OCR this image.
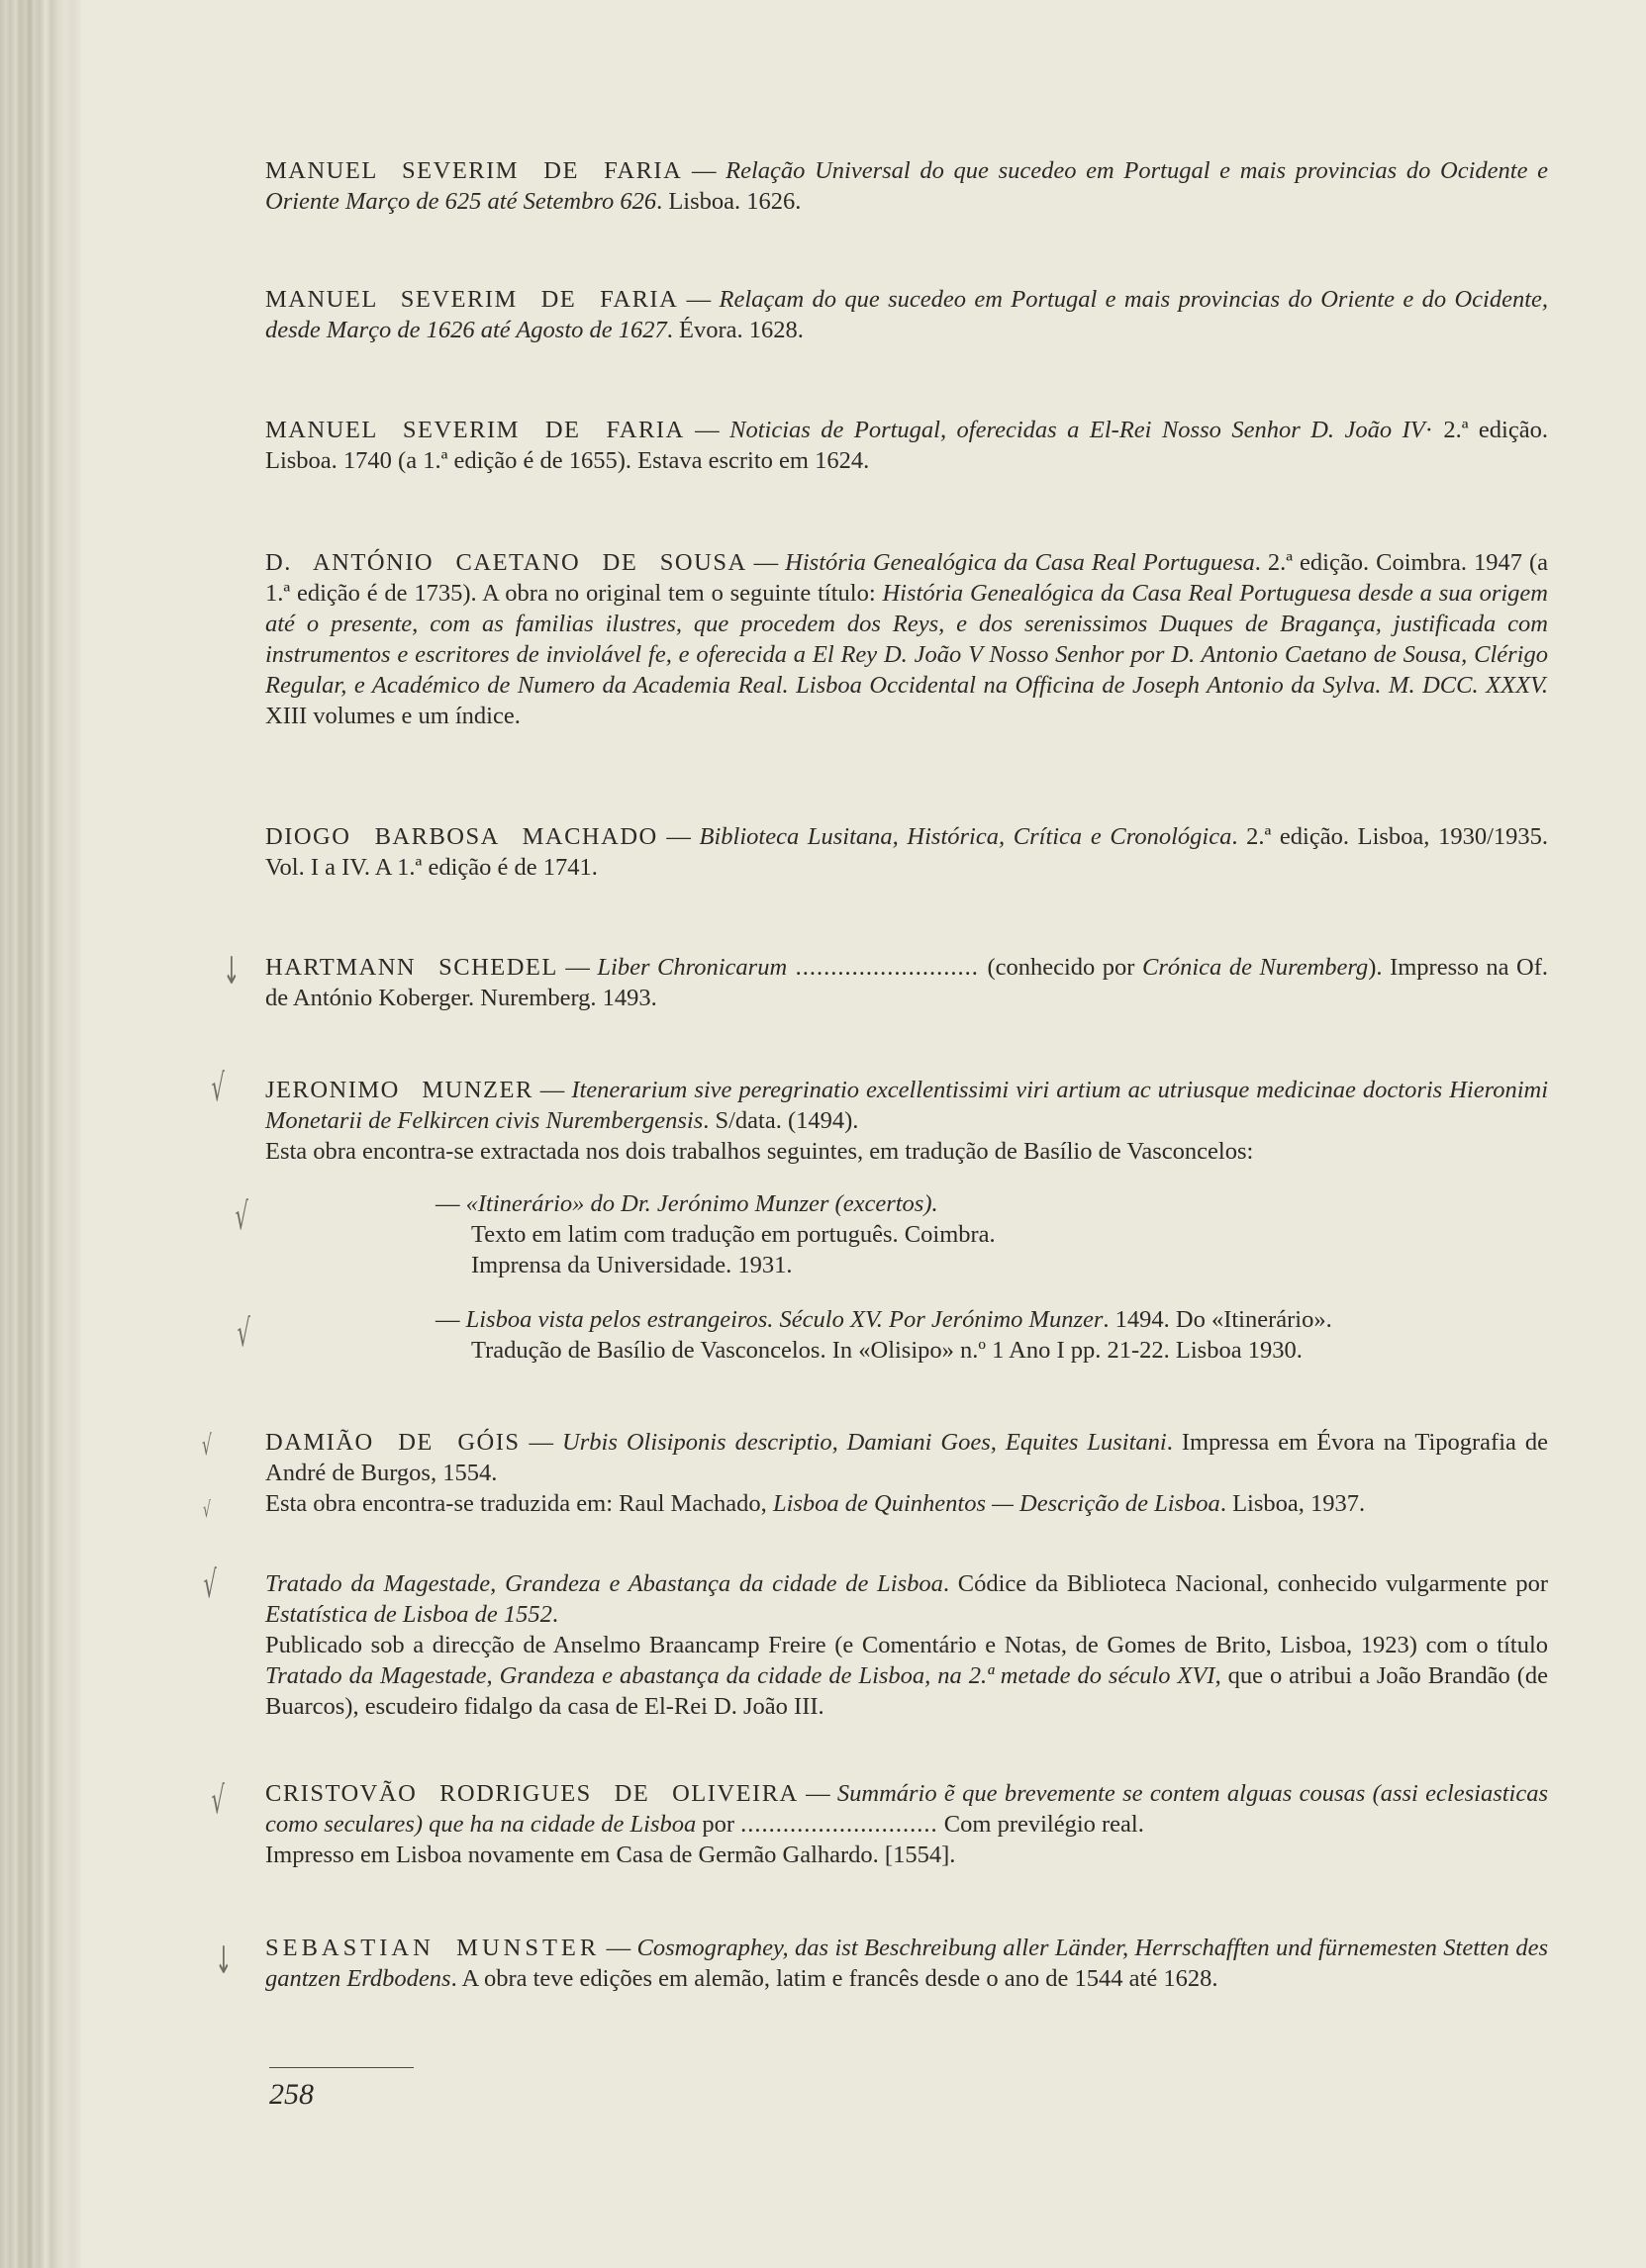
MANUEL SEVERIM DE FARIA — Relação Universal do que sucedeo em Portugal e mais provincias do Ocidente e Oriente Março de 625 até Setembro 626. Lisboa. 1626.

MANUEL SEVERIM DE FARIA — Relaçam do que sucedeo em Portugal e mais provincias do Oriente e do Ocidente, desde Março de 1626 até Agosto de 1627. Évora. 1628.

MANUEL SEVERIM DE FARIA — Noticias de Portugal, oferecidas a El-Rei Nosso Senhor D. João IV· 2.ª edição. Lisboa. 1740 (a 1.ª edição é de 1655). Estava escrito em 1624.

D. ANTÓNIO CAETANO DE SOUSA — História Genealógica da Casa Real Portuguesa. 2.ª edição. Coimbra. 1947 (a 1.ª edição é de 1735). A obra no original tem o seguinte título: História Genealógica da Casa Real Portuguesa desde a sua origem até o presente, com as familias ilustres, que procedem dos Reys, e dos serenissimos Duques de Bragança, justificada com instrumentos e escritores de inviolável fe, e oferecida a El Rey D. João V Nosso Senhor por D. Antonio Caetano de Sousa, Clérigo Regular, e Académico de Numero da Academia Real. Lisboa Occidental na Officina de Joseph Antonio da Sylva. M. DCC. XXXV. XIII volumes e um índice.

DIOGO BARBOSA MACHADO — Biblioteca Lusitana, Histórica, Crítica e Cronológica. 2.ª edição. Lisboa, 1930/1935. Vol. I a IV. A 1.ª edição é de 1741.

↓ HARTMANN SCHEDEL — Liber Chronicarum .......................... (conhecido por Crónica de Nuremberg). Impresso na Of. de António Koberger. Nuremberg. 1493.

√ JERONIMO MUNZER — Itenerarium sive peregrinatio excellentissimi viri artium ac utriusque medicinae doctoris Hieronimi Monetarii de Felkircen civis Nurembergensis. S/data. (1494).

Esta obra encontra-se extractada nos dois trabalhos seguintes, em tradução de Basílio de Vasconcelos:

√	— «Itinerário» do Dr. Jerónimo Munzer (excertos).

Texto em latim com tradução em português. Coimbra.

Imprensa da Universidade. 1931.

√	— Lisboa vista pelos estrangeiros. Século XV. Por Jerónimo Munzer. 1494. Do «Itinerário».

Tradução de Basílio de Vasconcelos. In «Olisipo» n.º 1 Ano I pp. 21-22. Lisboa 1930.

√
√

DAMIÃO DE GÓIS — Urbis Olisiponis descriptio, Damiani Goes, Equites Lusitani. Impressa em Évora na Tipografia de André de Burgos, 1554.

Esta obra encontra-se traduzida em: Raul Machado, Lisboa de Quinhentos — Descrição de Lisboa. Lisboa, 1937.

√ Tratado da Magestade, Grandeza e Abastança da cidade de Lisboa. Códice da Biblioteca Nacional, conhecido vulgarmente por Estatística de Lisboa de 1552.

Publicado sob a direcção de Anselmo Braancamp Freire (e Comentário e Notas, de Gomes de Brito, Lisboa, 1923) com o título Tratado da Magestade, Grandeza e abastança da cidade de Lisboa, na 2.ª metade do século XVI, que o atribui a João Brandão (de Buarcos), escudeiro fidalgo da casa de El-Rei D. João III.

√ CRISTOVÃO RODRIGUES DE OLIVEIRA — Summário ẽ que brevemente se contem alguas cousas (assi eclesiasticas como seculares) que ha na cidade de Lisboa por ............................ Com previlégio real.

Impresso em Lisboa novamente em Casa de Germão Galhardo. [1554].

↓ SEBASTIAN MUNSTER — Cosmographey, das ist Beschreibung aller Länder, Herrschafften und fürnemesten Stetten des gantzen Erdbodens. A obra teve edições em alemão, latim e francês desde o ano de 1544 até 1628.

258
